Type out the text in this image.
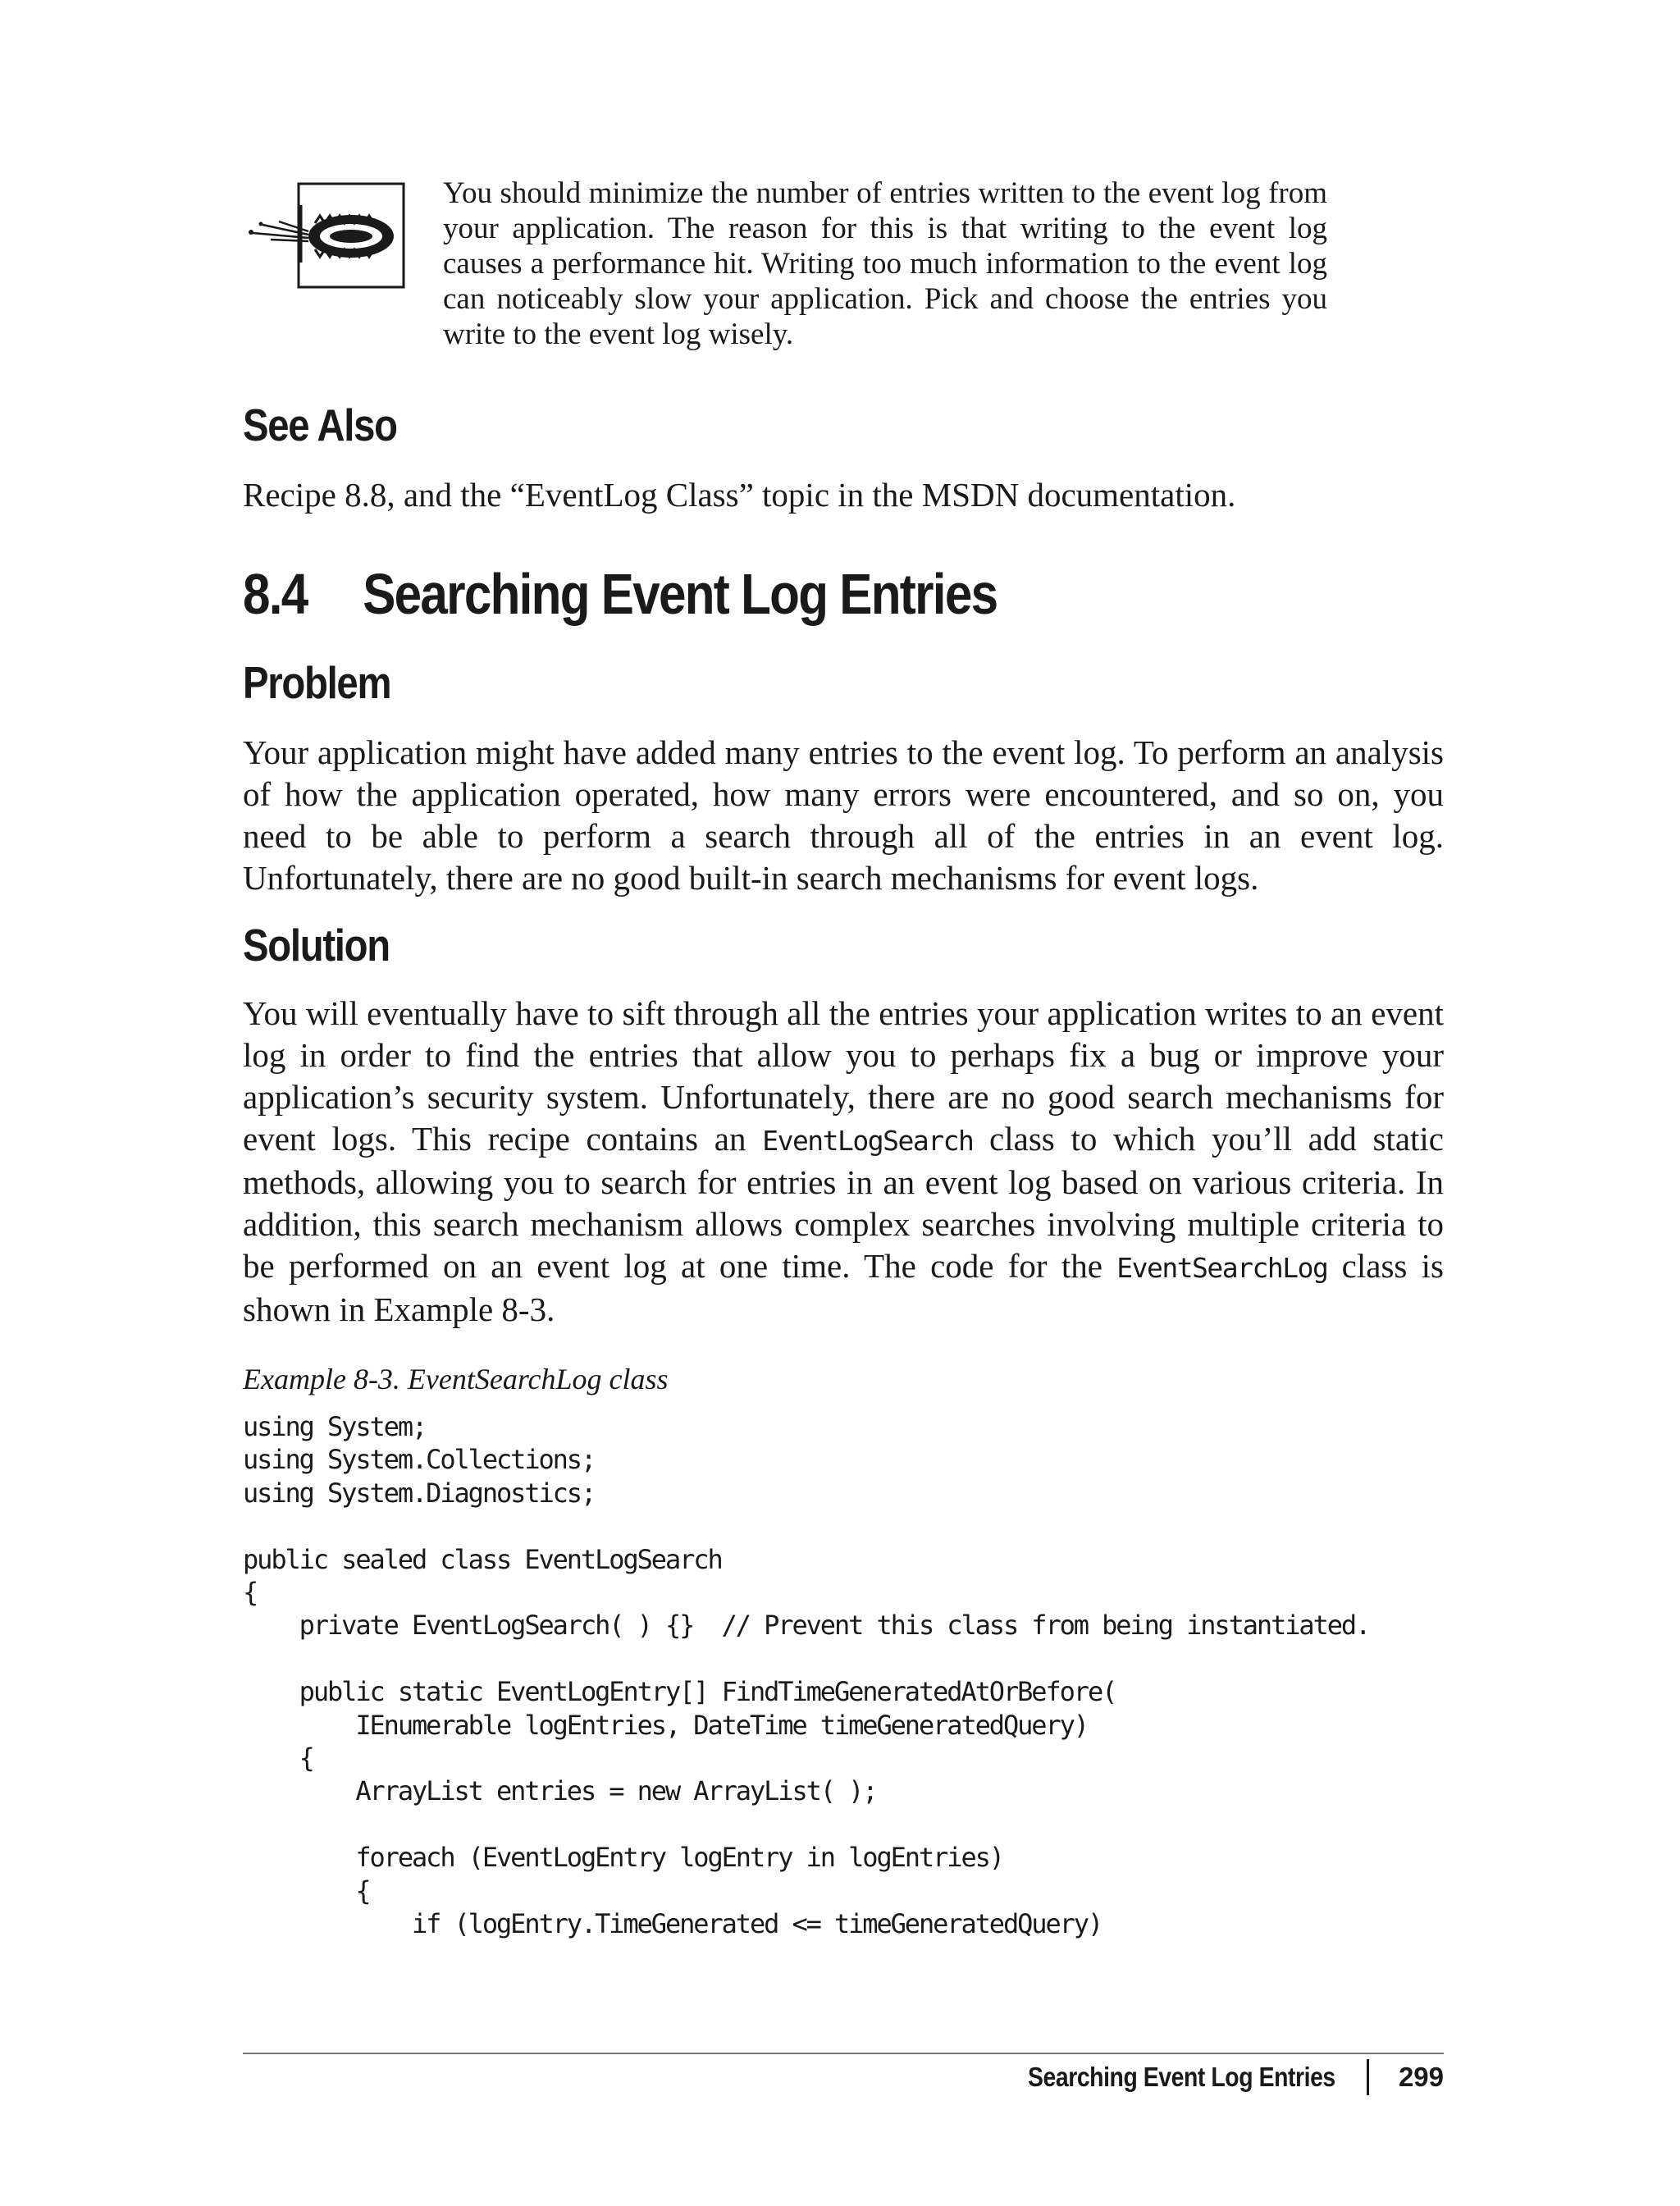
You should minimize the number of entries written to the event log from your application. The reason for this is that writing to the event log causes a performance hit. Writing too much information to the event log can noticeably slow your application. Pick and choose the entries you write to the event log wisely.
See Also
Recipe 8.8, and the “EventLog Class” topic in the MSDN documentation.
8.4 Searching Event Log Entries
Problem
Your application might have added many entries to the event log. To perform an analysis of how the application operated, how many errors were encountered, and so on, you need to be able to perform a search through all of the entries in an event log. Unfortunately, there are no good built-in search mechanisms for event logs.
Solution
You will eventually have to sift through all the entries your application writes to an event log in order to find the entries that allow you to perhaps fix a bug or improve your application’s security system. Unfortunately, there are no good search mechanisms for event logs. This recipe contains an EventLogSearch class to which you’ll add static methods, allowing you to search for entries in an event log based on various criteria. In addition, this search mechanism allows complex searches involving multiple criteria to be performed on an event log at one time. The code for the EventSearchLog class is shown in Example 8-3.
Example 8-3. EventSearchLog class
using System;
using System.Collections;
using System.Diagnostics;

public sealed class EventLogSearch
{
private EventLogSearch( ) {}  // Prevent this class from being instantiated.

public static EventLogEntry[] FindTimeGeneratedAtOrBefore(
IEnumerable logEntries, DateTime timeGeneratedQuery)
{
ArrayList entries = new ArrayList( );

foreach (EventLogEntry logEntry in logEntries)
{
if (logEntry.TimeGenerated <= timeGeneratedQuery)
Searching Event Log Entries 299
